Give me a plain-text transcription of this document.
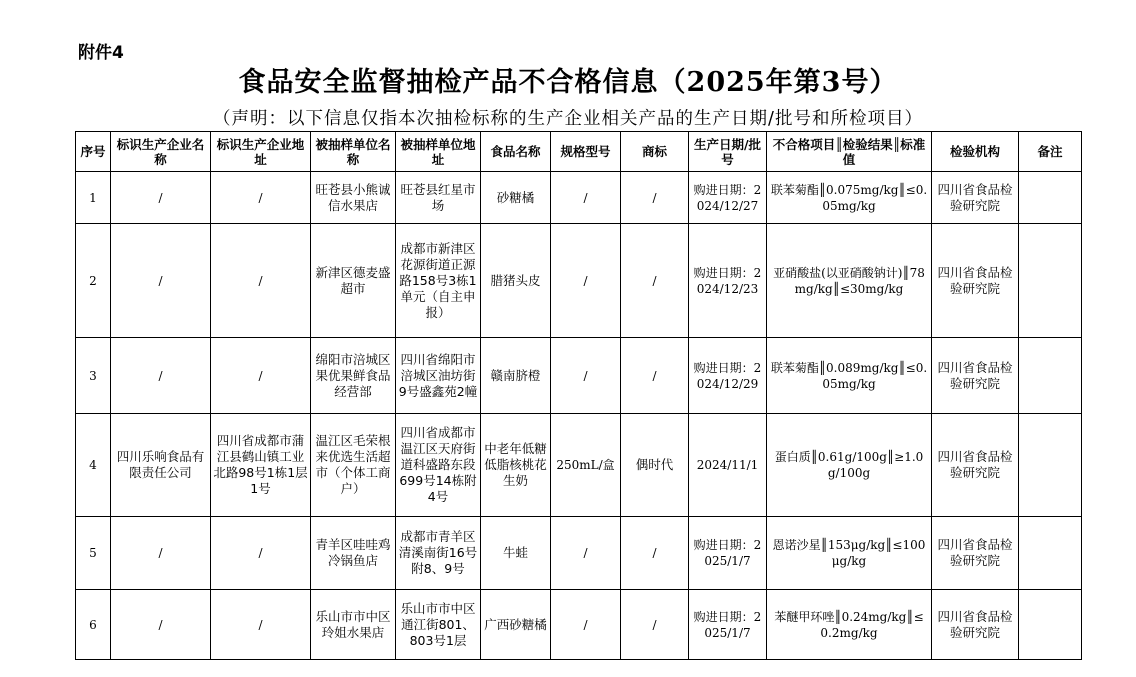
附件4
食品安全监督抽检产品不合格信息（2025年第3号）
（声明：以下信息仅指本次抽检标称的生产企业相关产品的生产日期/批号和所检项目）
序号	标识生产企业名称	标识生产企业地址	被抽样单位名称	被抽样单位地址	食品名称	规格型号	商标	生产日期/批号	不合格项目║检验结果║标准值	检验机构	备注
1	/	/	旺苍县小熊诚信水果店	旺苍县红星市场	砂糖橘	/	/	购进日期：2024/12/27	联苯菊酯║0.075mg/kg║≤0.05mg/kg	四川省食品检验研究院	
2	/	/	新津区德麦盛超市	成都市新津区花源街道正源路158号3栋1单元（自主申报）	腊猪头皮	/	/	购进日期：2024/12/23	亚硝酸盐(以亚硝酸钠计)║78mg/kg║≤30mg/kg	四川省食品检验研究院	
3	/	/	绵阳市涪城区果优果鲜食品经营部	四川省绵阳市涪城区油坊街9号盛鑫苑2幢	赣南脐橙	/	/	购进日期：2024/12/29	联苯菊酯║0.089mg/kg║≤0.05mg/kg	四川省食品检验研究院	
4	四川乐响食品有限责任公司	四川省成都市蒲江县鹤山镇工业北路98号1栋1层1号	温江区毛荣根来优选生活超市（个体工商户）	四川省成都市温江区天府街道科盛路东段699号14栋附4号	中老年低糖低脂核桃花生奶	250mL/盒	偶时代	2024/11/1	蛋白质║0.61g/100g║≥1.0g/100g	四川省食品检验研究院	
5	/	/	青羊区哇哇鸡冷锅鱼店	成都市青羊区清溪南街16号附8、9号	牛蛙	/	/	购进日期：2025/1/7	恩诺沙星║153μg/kg║≤100μg/kg	四川省食品检验研究院	
6	/	/	乐山市市中区玲姐水果店	乐山市市中区通江街801、803号1层	广西砂糖橘	/	/	购进日期：2025/1/7	苯醚甲环唑║0.24mg/kg║≤0.2mg/kg	四川省食品检验研究院	
